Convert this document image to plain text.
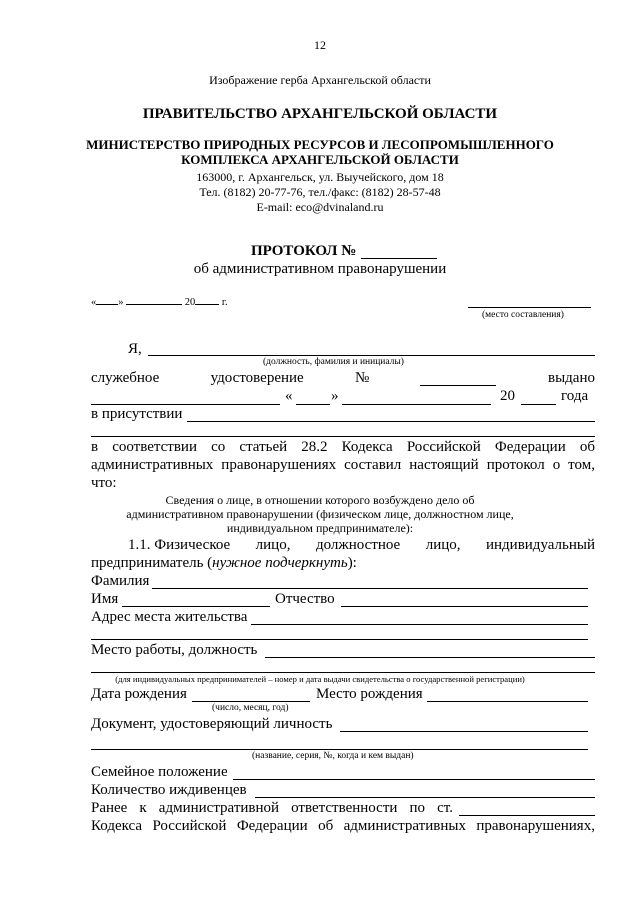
12
Изображение герба Архангельской области
ПРАВИТЕЛЬСТВО АРХАНГЕЛЬСКОЙ ОБЛАСТИ
МИНИСТЕРСТВО ПРИРОДНЫХ РЕСУРСОВ И ЛЕСОПРОМЫШЛЕННОГО
КОМПЛЕКСА АРХАНГЕЛЬСКОЙ ОБЛАСТИ
163000, г. Архангельск, ул. Выучейского, дом 18
Тел. (8182) 20-77-76, тел./факс: (8182) 28-57-48
E-mail: eco@dvinaland.ru
ПРОТОКОЛ №
об административном правонарушении
« »	20	г.
(место составления)
Я,
(должность, фамилия и инициалы)
служебное	удостоверение	№	выдано
«	»	20	года
в присутствии
в соответствии со статьей 28.2 Кодекса Российской Федерации об
административных правонарушениях составил настоящий протокол о том,
что:
Сведения о лице, в отношении которого возбуждено дело об
административном правонарушении (физическом лице, должностном лице,
индивидуальном предпринимателе):
1.1. Физическое лицо, должностное лицо, индивидуальный
предприниматель (нужное подчеркнуть):
Фамилия
Имя	Отчество
Адрес места жительства
Место работы, должность
(для индивидуальных предпринимателей – номер и дата выдачи свидетельства о государственной регистрации)
Дата рождения	Место рождения
(число, месяц, год)
Документ, удостоверяющий личность
(название, серия, №, когда и кем выдан)
Семейное положение
Количество иждивенцев
Ранее к административной ответственности по ст.
Кодекса Российской Федерации об административных правонарушениях,
